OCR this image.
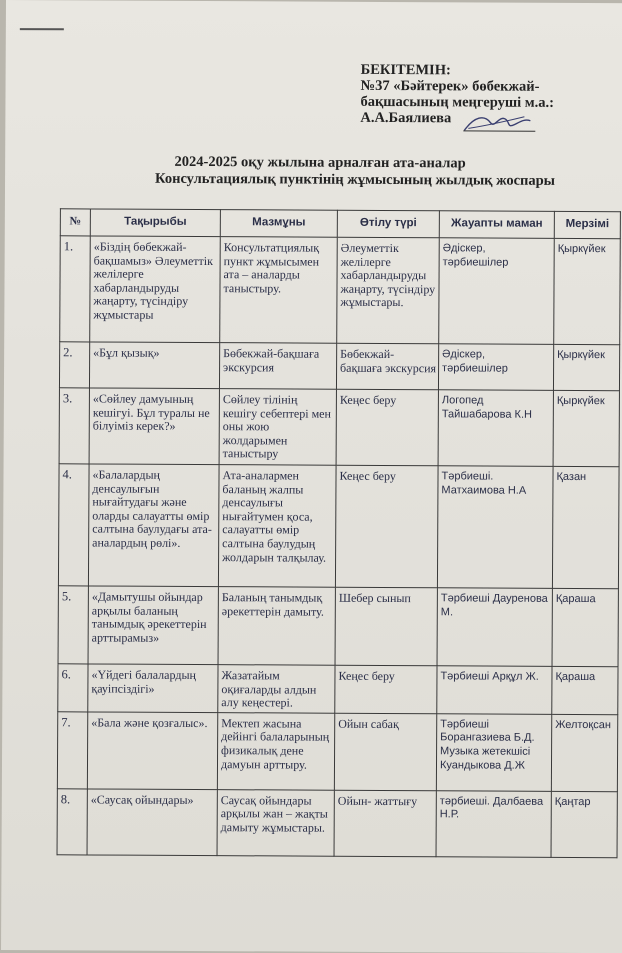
БЕКІТЕМІН:
№37 «Бәйтерек» бөбекжай-
бақшасының меңгерушi м.а.:
А.А.Баялиева
2024-2025 оқу жылына арналған ата-аналар
Консультациялық пунктінің жұмысының жылдық жоспары
№	Тақырыбы	Мазмұны	Өтілу түрі	Жауапты маман	Мерзімі
1.	«Біздің бөбекжай-бақшамыз» Әлеуметтік желілерге хабарландыруды жаңарту, түсіндіру жұмыстары	Консультатциялық пункт жұмысымен ата – аналарды таныстыру.	Әлеуметтік желілерге хабарландыруды жаңарту, түсіндіру жұмыстары.	Әдіскер, тәрбиешілер	Қыркүйек
2.	«Бұл қызық»	Бөбекжай-бақшаға экскурсия	Бөбекжай-бақшаға экскурсия	Әдіскер, тәрбиешілер	Қыркүйек
3.	«Сөйлеу дамуының кешігуі. Бұл туралы не білуіміз керек?»	Сөйлеу тілінің кешігу себептері мен оны жою жолдарымен таныстыру	Кеңес беру	Логопед Тайшабарова К.Н	Қыркүйек
4.	«Балалардың денсаулығын нығайтудағы және оларды салауатты өмір салтына баулудағы ата-аналардың рөлі».	Ата-аналармен баланың жалпы денсаулығы нығайтумен қоса, салауатты өмір салтына баулудың жолдарын талқылау.	Кеңес беру	Тәрбиеші. Матхаимова Н.А	Қазан
5.	«Дамытушы ойындар арқылы баланың танымдық әрекеттерін арттырамыз»	Баланың танымдық әрекеттерін дамыту.	Шебер сынып	Тәрбиеші Дауренова М.	Қараша
6.	«Үйдегі балалардың қауіпсіздігі»	Жазатайым оқиғаларды алдын алу кеңестері.	Кеңес беру	Тәрбиеші Арқұл Ж.	Қараша
7.	«Бала және қозғалыс».	Мектеп жасына дейінгі балаларының физикалық дене дамуын арттыру.	Ойын сабақ	Тәрбиеші Борангазиева Б.Д. Музыка жетекшісі Куандыкова Д.Ж	Желтоқсан
8.	«Саусақ ойындары»	Саусақ ойындары арқылы жан – жақты дамыту жұмыстары.	Ойын- жаттығу	тәрбиеші. Далбаева Н.Р.	Қаңтар
